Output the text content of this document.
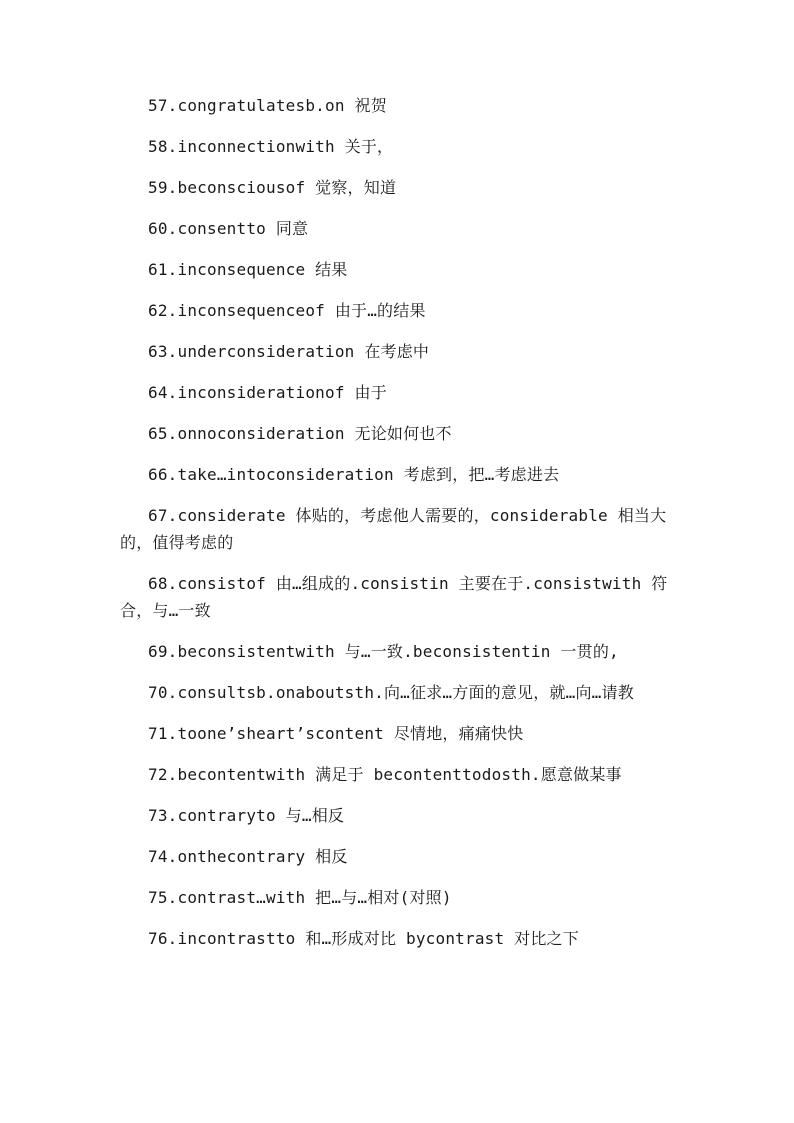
57.congratulatesb.on 祝贺

58.inconnectionwith 关于，

59.beconsciousof 觉察，知道

60.consentto 同意

61.inconsequence 结果

62.inconsequenceof 由于…的结果

63.underconsideration 在考虑中

64.inconsiderationof 由于

65.onnoconsideration 无论如何也不

66.take…intoconsideration 考虑到，把…考虑进去

67.considerate 体贴的，考虑他人需要的，considerable 相当大的，值得考虑的

68.consistof 由…组成的.consistin 主要在于.consistwith 符合，与…一致

69.beconsistentwith 与…一致.beconsistentin 一贯的,

70.consultsb.onaboutsth.向…征求…方面的意见，就…向…请教

71.toone’sheart’scontent 尽情地，痛痛快快

72.becontentwith 满足于 becontenttodosth.愿意做某事

73.contraryto 与…相反

74.onthecontrary 相反

75.contrast…with 把…与…相对(对照)

76.incontrastto 和…形成对比 bycontrast 对比之下
